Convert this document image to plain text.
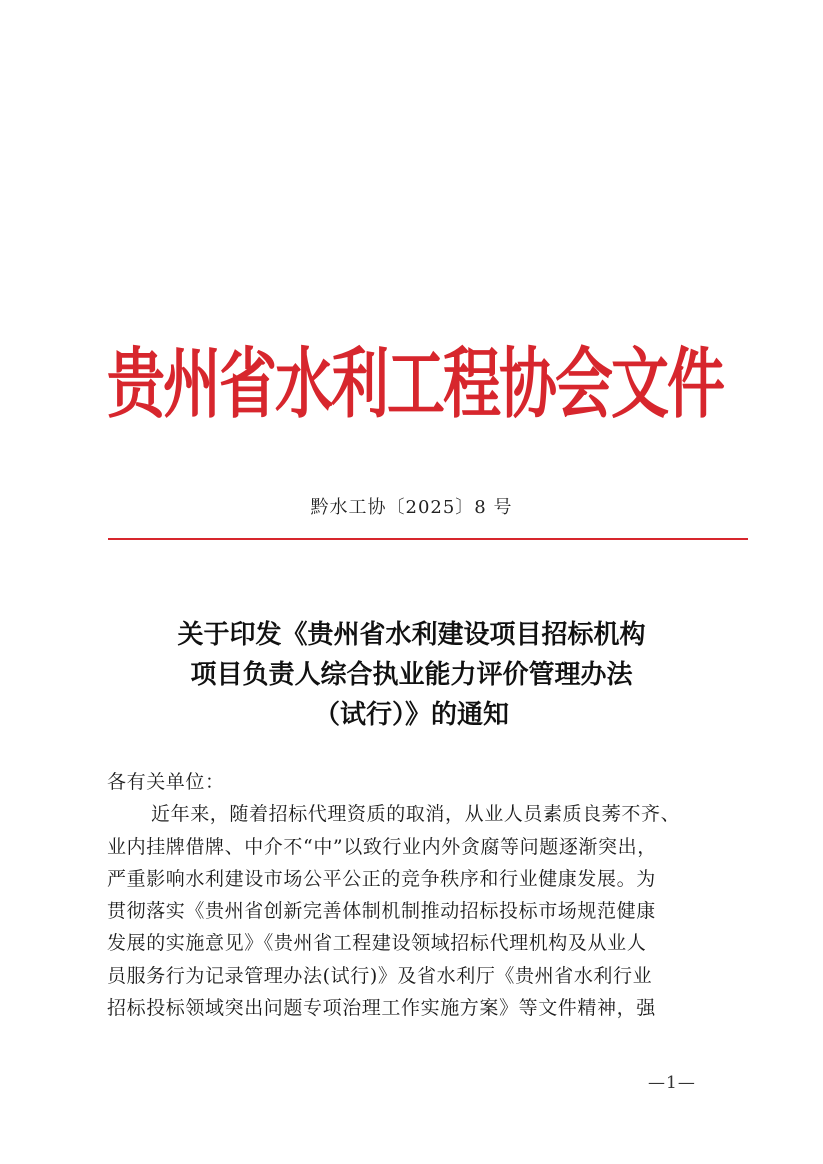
贵州省水利工程协会文件
黔水工协〔2025〕8 号
关于印发《贵州省水利建设项目招标机构
项目负责人综合执业能力评价管理办法
（试行）》的通知

各有关单位：

近年来，随着招标代理资质的取消，从业人员素质良莠不齐、
业内挂牌借牌、中介不“中”以致行业内外贪腐等问题逐渐突出，
严重影响水利建设市场公平公正的竞争秩序和行业健康发展。为
贯彻落实《贵州省创新完善体制机制推动招标投标市场规范健康
发展的实施意见》《贵州省工程建设领域招标代理机构及从业人
员服务行为记录管理办法(试行)》及省水利厅《贵州省水利行业
招标投标领域突出问题专项治理工作实施方案》等文件精神，强

—1—
